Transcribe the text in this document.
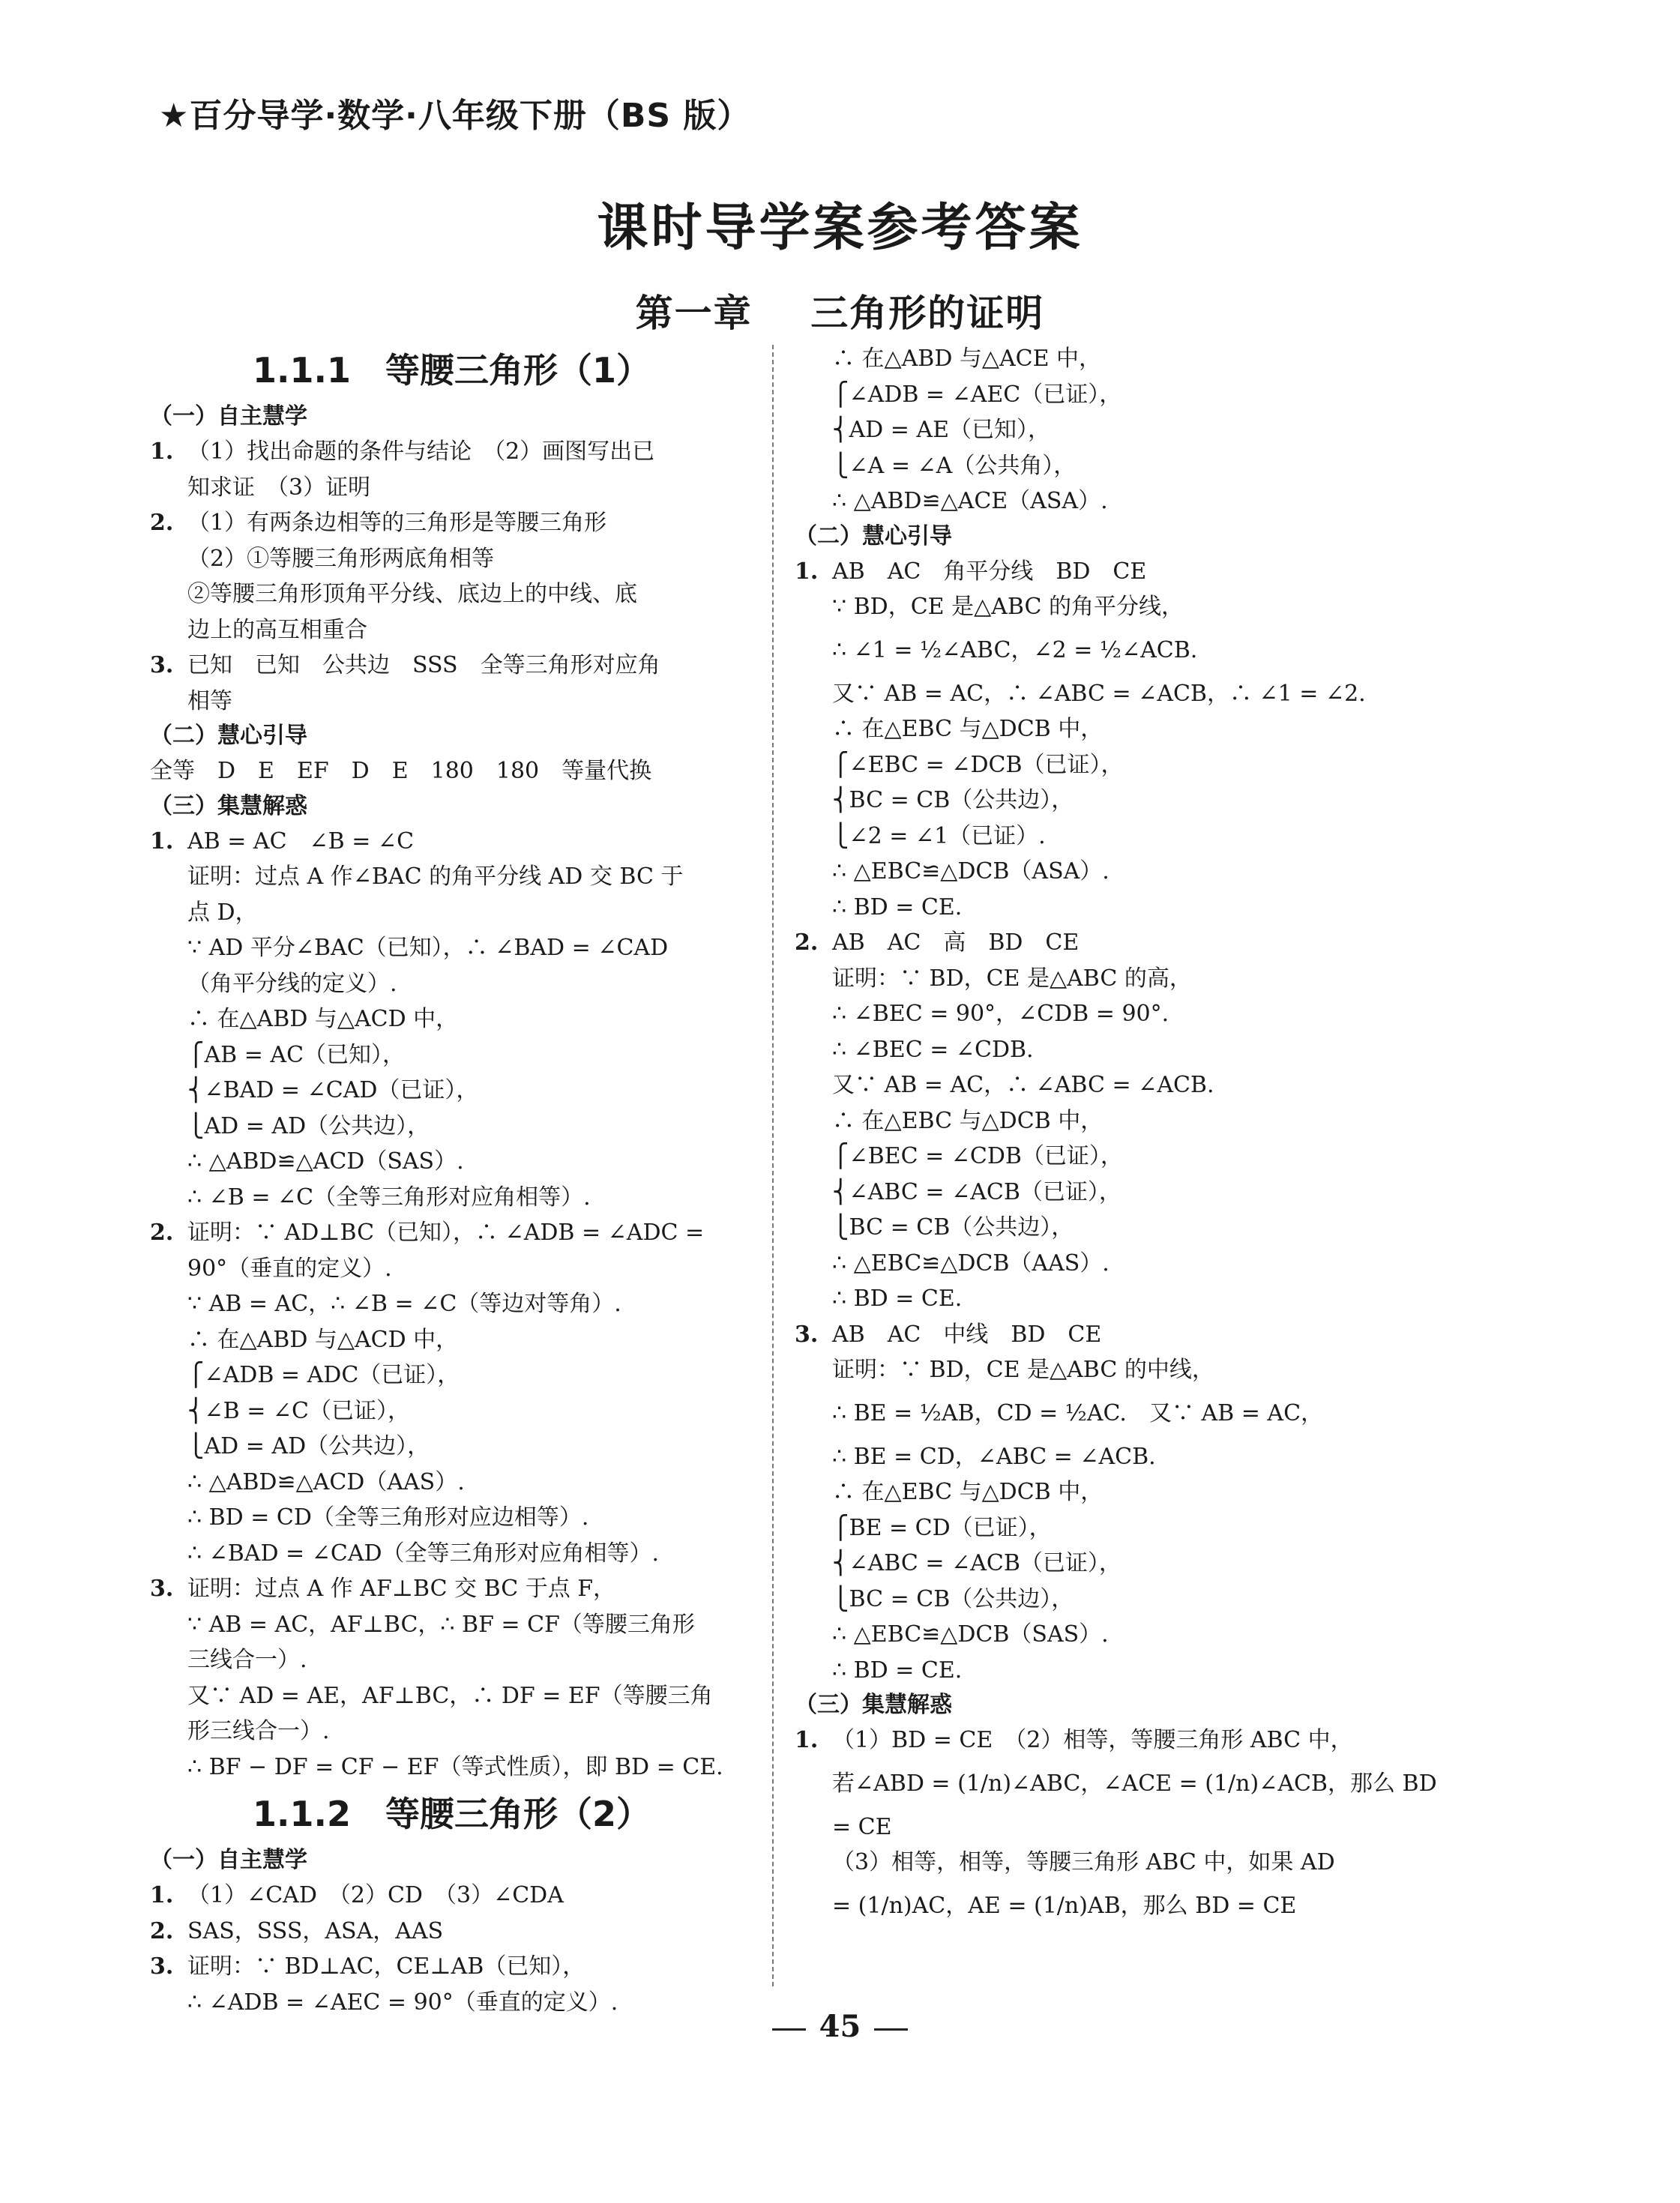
★百分导学·数学·八年级下册（BS 版）
课时导学案参考答案
第一章    三角形的证明
1.1.1　等腰三角形（1）
（一）自主慧学
1. （1）找出命题的条件与结论　（2）画图写出已
知求证　（3）证明
2. （1）有两条边相等的三角形是等腰三角形
（2）①等腰三角形两底角相等
②等腰三角形顶角平分线、底边上的中线、底
边上的高互相重合
3. 已知　已知　公共边　SSS　全等三角形对应角
相等
（二）慧心引导
全等　D　E　EF　D　E　180　180　等量代换
（三）集慧解惑
1. AB = AC　∠B = ∠C
证明：过点 A 作∠BAC 的角平分线 AD 交 BC 于
点 D，
∵ AD 平分∠BAC（已知），∴ ∠BAD = ∠CAD
（角平分线的定义）.
∴ 在△ABD 与△ACD 中，
⎧AB = AC（已知），
⎨∠BAD = ∠CAD（已证），
⎩AD = AD（公共边），
∴ △ABD≌△ACD（SAS）.
∴ ∠B = ∠C（全等三角形对应角相等）.
2. 证明：∵ AD⊥BC（已知），∴ ∠ADB = ∠ADC =
90°（垂直的定义）.
∵ AB = AC，∴ ∠B = ∠C（等边对等角）.
∴ 在△ABD 与△ACD 中，
⎧∠ADB = ADC（已证），
⎨∠B = ∠C（已证），
⎩AD = AD（公共边），
∴ △ABD≌△ACD（AAS）.
∴ BD = CD（全等三角形对应边相等）.
∴ ∠BAD = ∠CAD（全等三角形对应角相等）.
3. 证明：过点 A 作 AF⊥BC 交 BC 于点 F，
∵ AB = AC，AF⊥BC，∴ BF = CF（等腰三角形
三线合一）.
又∵ AD = AE，AF⊥BC，∴ DF = EF（等腰三角
形三线合一）.
∴ BF − DF = CF − EF（等式性质），即 BD = CE.
1.1.2　等腰三角形（2）
（一）自主慧学
1. （1）∠CAD　（2）CD　（3）∠CDA
2. SAS，SSS，ASA，AAS
3. 证明：∵ BD⊥AC，CE⊥AB（已知），
∴ ∠ADB = ∠AEC = 90°（垂直的定义）.
∴ 在△ABD 与△ACE 中，
⎧∠ADB = ∠AEC（已证），
⎨AD = AE（已知），
⎩∠A = ∠A（公共角），
∴ △ABD≌△ACE（ASA）.
（二）慧心引导
1. AB　AC　角平分线　BD　CE
∵ BD，CE 是△ABC 的角平分线，
∴ ∠1 = ½∠ABC，∠2 = ½∠ACB.
又∵ AB = AC，∴ ∠ABC = ∠ACB，∴ ∠1 = ∠2.
∴ 在△EBC 与△DCB 中，
⎧∠EBC = ∠DCB（已证），
⎨BC = CB（公共边），
⎩∠2 = ∠1（已证）.
∴ △EBC≌△DCB（ASA）.
∴ BD = CE.
2. AB　AC　高　BD　CE
证明：∵ BD，CE 是△ABC 的高，
∴ ∠BEC = 90°，∠CDB = 90°.
∴ ∠BEC = ∠CDB.
又∵ AB = AC，∴ ∠ABC = ∠ACB.
∴ 在△EBC 与△DCB 中，
⎧∠BEC = ∠CDB（已证），
⎨∠ABC = ∠ACB（已证），
⎩BC = CB（公共边），
∴ △EBC≌△DCB（AAS）.
∴ BD = CE.
3. AB　AC　中线　BD　CE
证明：∵ BD，CE 是△ABC 的中线，
∴ BE = ½AB，CD = ½AC.　又∵ AB = AC，
∴ BE = CD，∠ABC = ∠ACB.
∴ 在△EBC 与△DCB 中，
⎧BE = CD（已证），
⎨∠ABC = ∠ACB（已证），
⎩BC = CB（公共边），
∴ △EBC≌△DCB（SAS）.
∴ BD = CE.
（三）集慧解惑
1. （1）BD = CE　（2）相等，等腰三角形 ABC 中，
若∠ABD = (1/n)∠ABC，∠ACE = (1/n)∠ACB，那么 BD
= CE
（3）相等，相等，等腰三角形 ABC 中，如果 AD
= (1/n)AC，AE = (1/n)AB，那么 BD = CE
45
